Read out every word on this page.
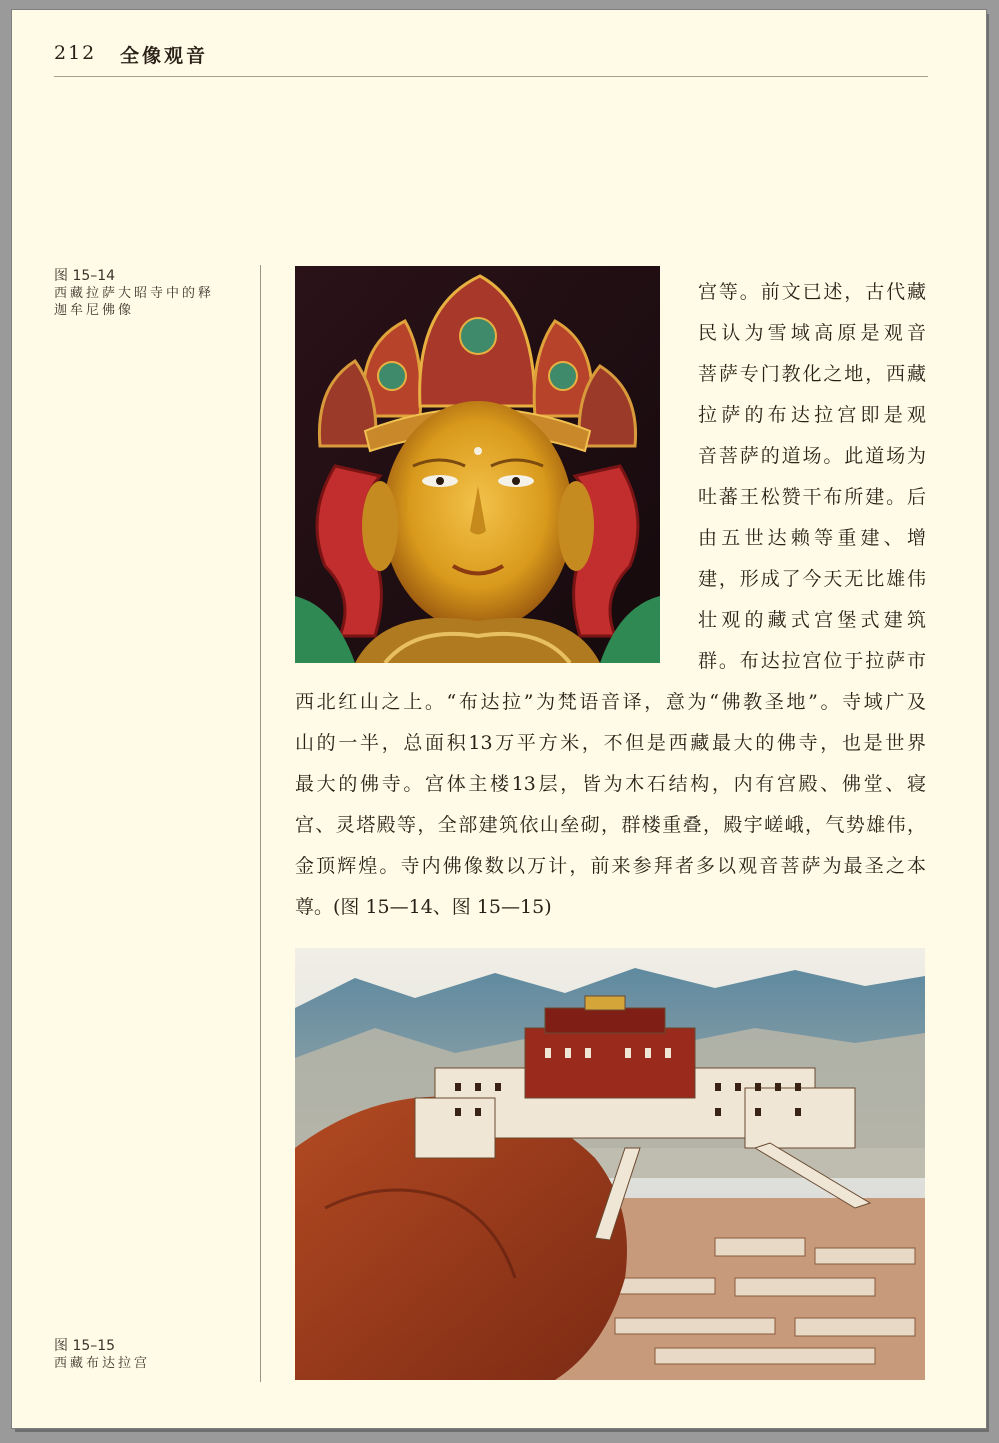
212 全像观音
图 15–14
西藏拉萨大昭寺中的释
迦牟尼佛像
宫等。前文已述，古代藏
民认为雪域高原是观音
菩萨专门教化之地，西藏
拉萨的布达拉宫即是观
音菩萨的道场。此道场为
吐蕃王松赞干布所建。后
由五世达赖等重建、增
建，形成了今天无比雄伟
壮观的藏式宫堡式建筑
群。布达拉宫位于拉萨市
西北红山之上。“布达拉”为梵语音译，意为“佛教圣地”。寺域广及
山的一半，总面积13万平方米，不但是西藏最大的佛寺，也是世界
最大的佛寺。宫体主楼13层，皆为木石结构，内有宫殿、佛堂、寝
宫、灵塔殿等，全部建筑依山垒砌，群楼重叠，殿宇嵯峨，气势雄伟，
金顶辉煌。寺内佛像数以万计，前来参拜者多以观音菩萨为最圣之本
尊。(图 15—14、图 15—15)
图 15–15
西藏布达拉宫
